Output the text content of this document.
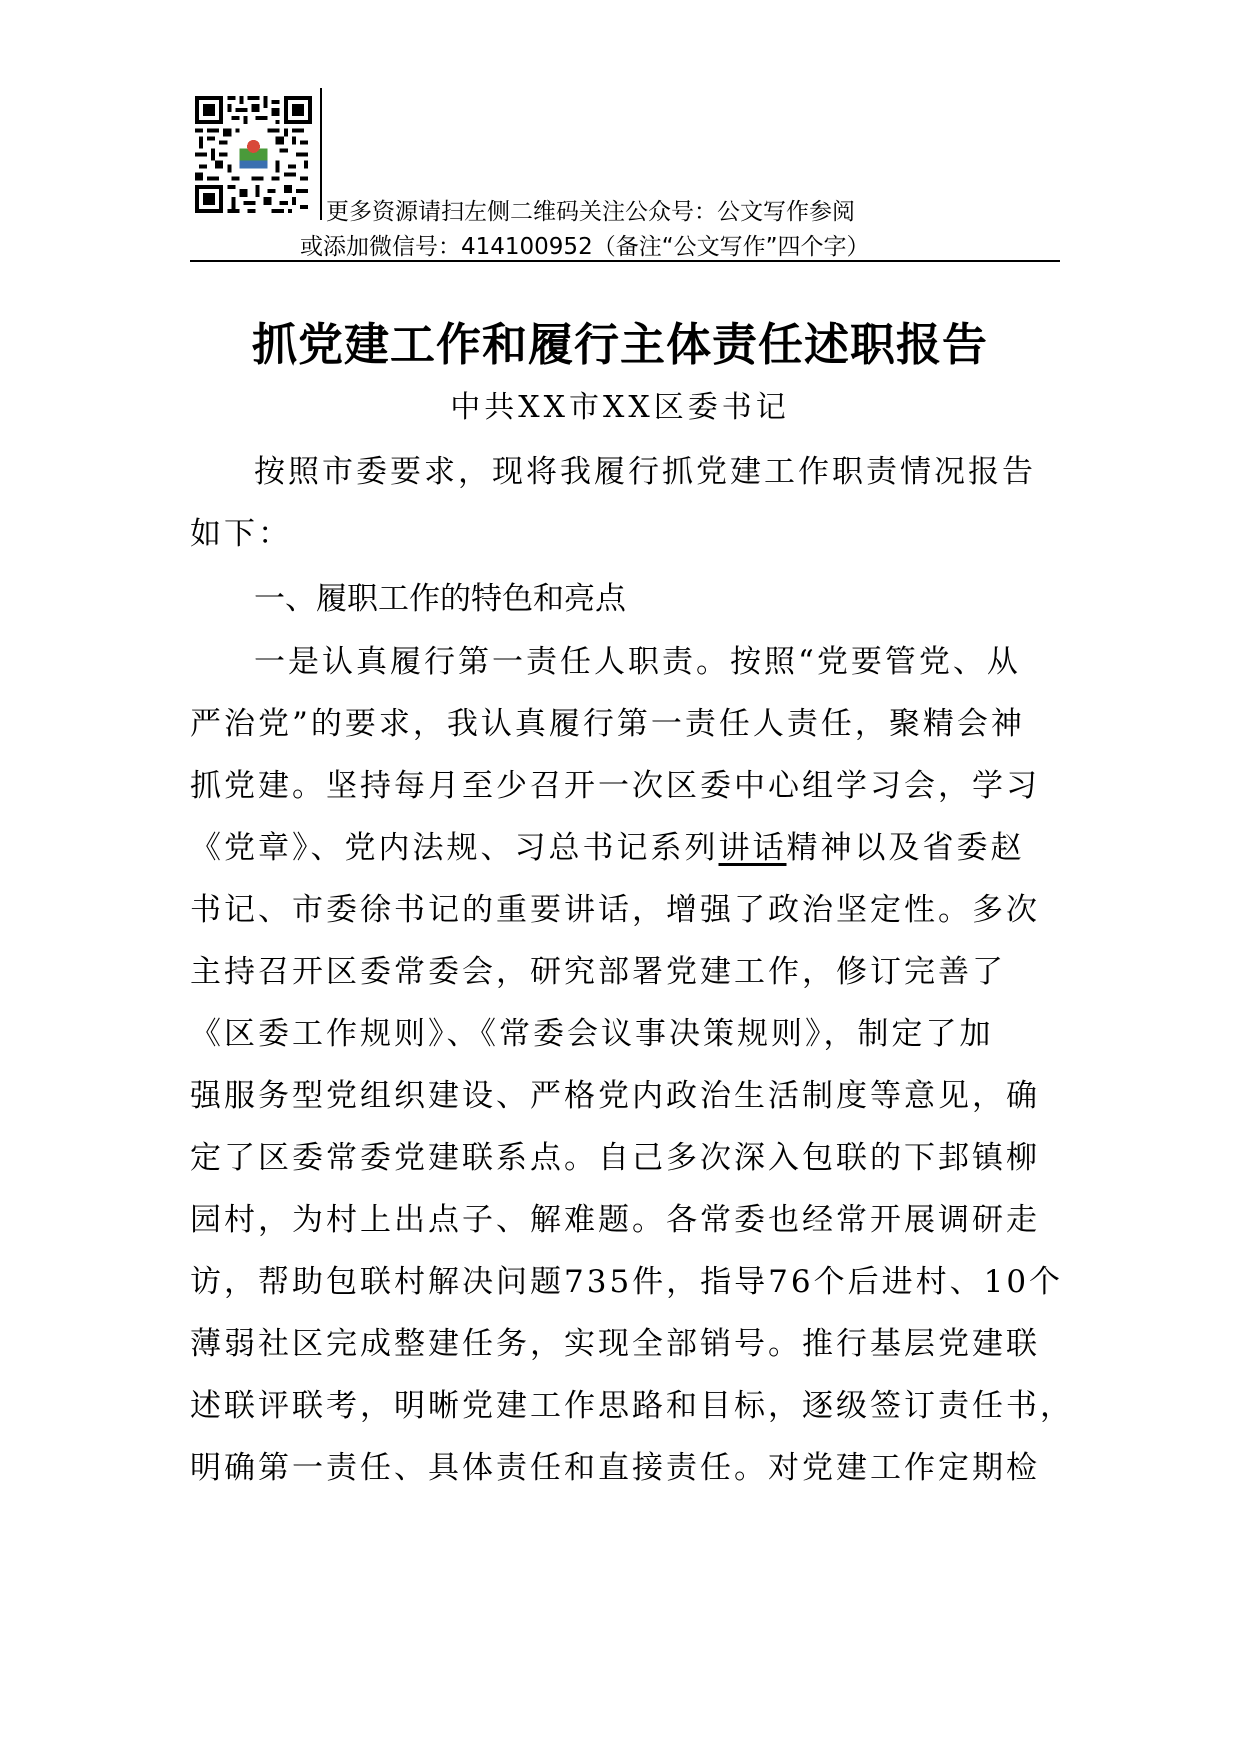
更多资源请扫左侧二维码关注公众号：公文写作参阅
或添加微信号：414100952（备注“公文写作”四个字）
抓党建工作和履行主体责任述职报告
中共XX市XX区委书记
按照市委要求，现将我履行抓党建工作职责情况报告
如下：
一、履职工作的特色和亮点
一是认真履行第一责任人职责。按照“党要管党、从
严治党”的要求，我认真履行第一责任人责任，聚精会神
抓党建。坚持每月至少召开一次区委中心组学习会，学习
《党章》、党内法规、习总书记系列讲话精神以及省委赵
书记、市委徐书记的重要讲话，增强了政治坚定性。多次
主持召开区委常委会，研究部署党建工作，修订完善了
《区委工作规则》、《常委会议事决策规则》，制定了加
强服务型党组织建设、严格党内政治生活制度等意见，确
定了区委常委党建联系点。自己多次深入包联的下邽镇柳
园村，为村上出点子、解难题。各常委也经常开展调研走
访，帮助包联村解决问题735件，指导76个后进村、10个
薄弱社区完成整建任务，实现全部销号。推行基层党建联
述联评联考，明晰党建工作思路和目标，逐级签订责任书，
明确第一责任、具体责任和直接责任。对党建工作定期检
